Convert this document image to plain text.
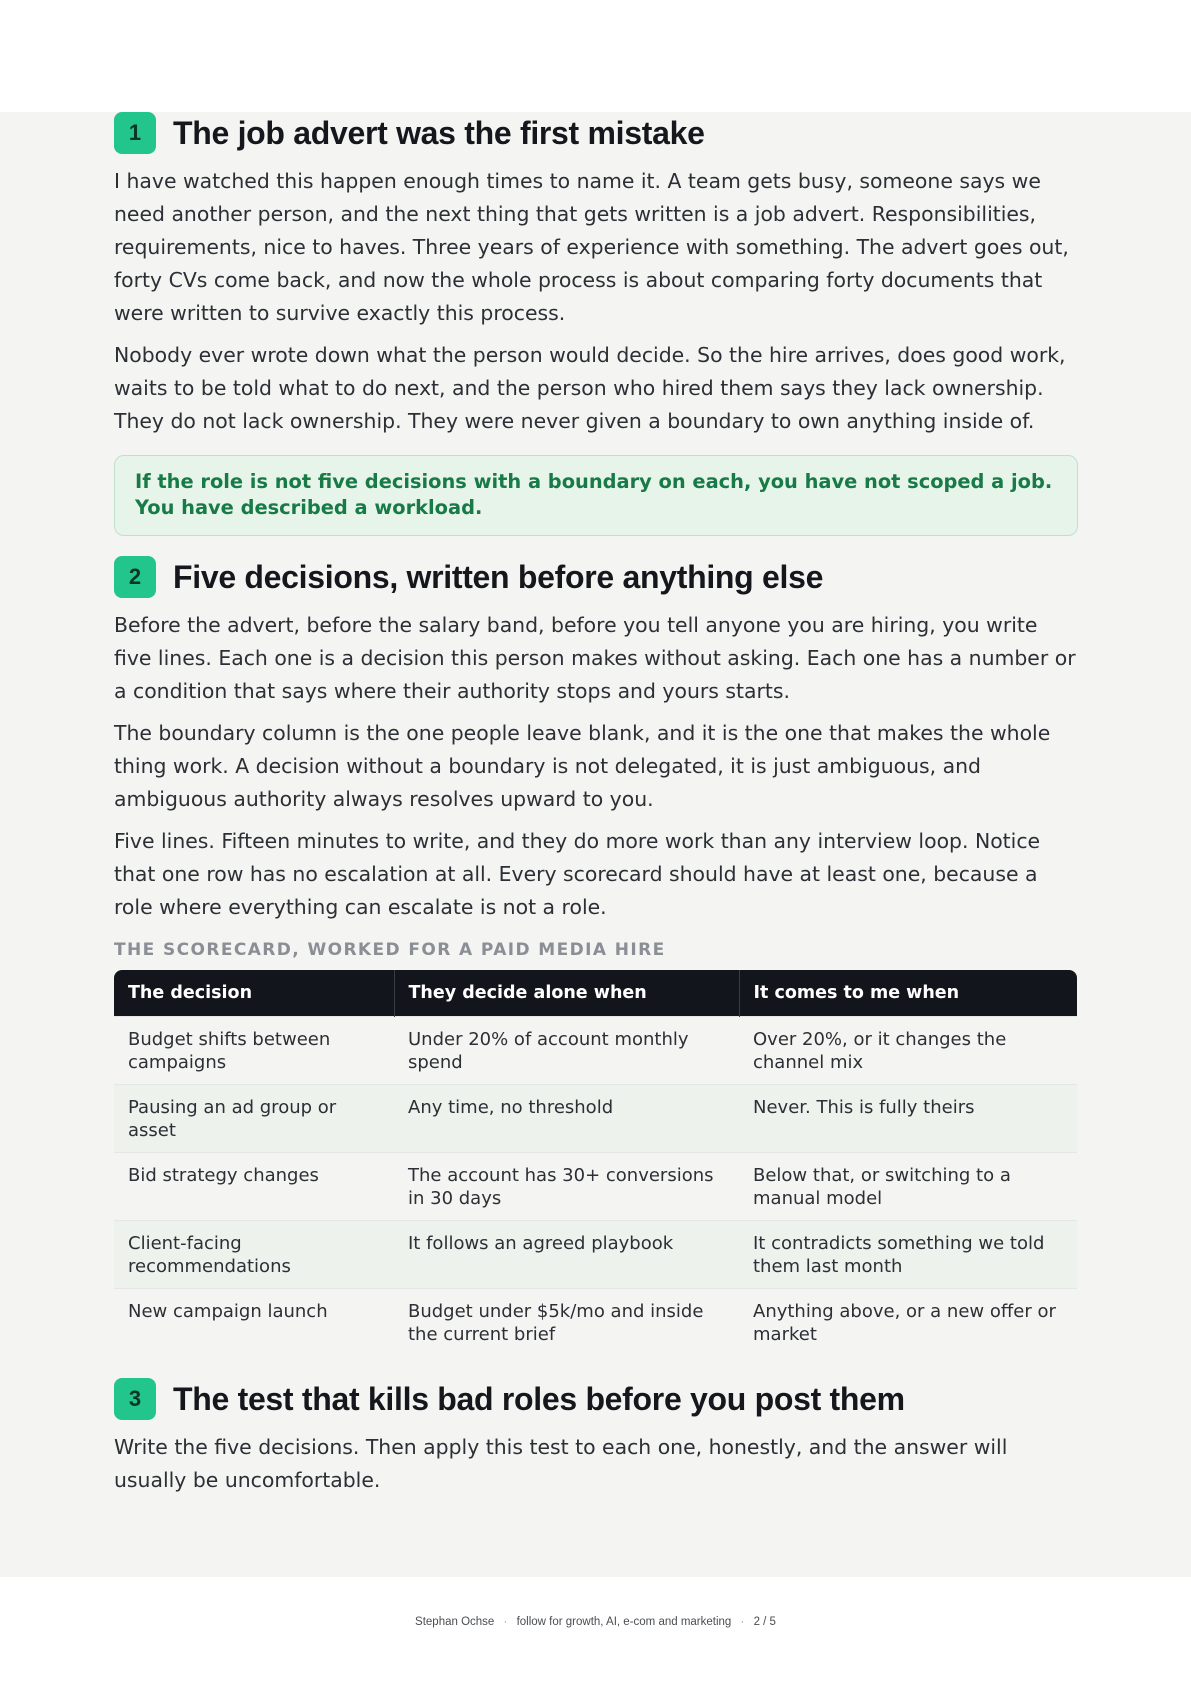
1 The job advert was the first mistake

I have watched this happen enough times to name it. A team gets busy, someone says we need another person, and the next thing that gets written is a job advert. Responsibilities, requirements, nice to haves. Three years of experience with something. The advert goes out, forty CVs come back, and now the whole process is about comparing forty documents that were written to survive exactly this process.

Nobody ever wrote down what the person would decide. So the hire arrives, does good work, waits to be told what to do next, and the person who hired them says they lack ownership. They do not lack ownership. They were never given a boundary to own anything inside of.

If the role is not five decisions with a boundary on each, you have not scoped a job. You have described a workload.
2 Five decisions, written before anything else

Before the advert, before the salary band, before you tell anyone you are hiring, you write five lines. Each one is a decision this person makes without asking. Each one has a number or a condition that says where their authority stops and yours starts.

The boundary column is the one people leave blank, and it is the one that makes the whole thing work. A decision without a boundary is not delegated, it is just ambiguous, and ambiguous authority always resolves upward to you.

Five lines. Fifteen minutes to write, and they do more work than any interview loop. Notice that one row has no escalation at all. Every scorecard should have at least one, because a role where everything can escalate is not a role.

THE SCORECARD, WORKED FOR A PAID MEDIA HIRE
The decision	They decide alone when	It comes to me when
Budget shifts between campaigns	Under 20% of account monthly spend	Over 20%, or it changes the channel mix
Pausing an ad group or asset	Any time, no threshold	Never. This is fully theirs
Bid strategy changes	The account has 30+ conversions in 30 days	Below that, or switching to a manual model
Client-facing recommendations	It follows an agreed playbook	It contradicts something we told them last month
New campaign launch	Budget under $5k/mo and inside the current brief	Anything above, or a new offer or market
3 The test that kills bad roles before you post them

Write the five decisions. Then apply this test to each one, honestly, and the answer will usually be uncomfortable.

Stephan Ochse · follow for growth, AI, e-com and marketing · 2 / 5
